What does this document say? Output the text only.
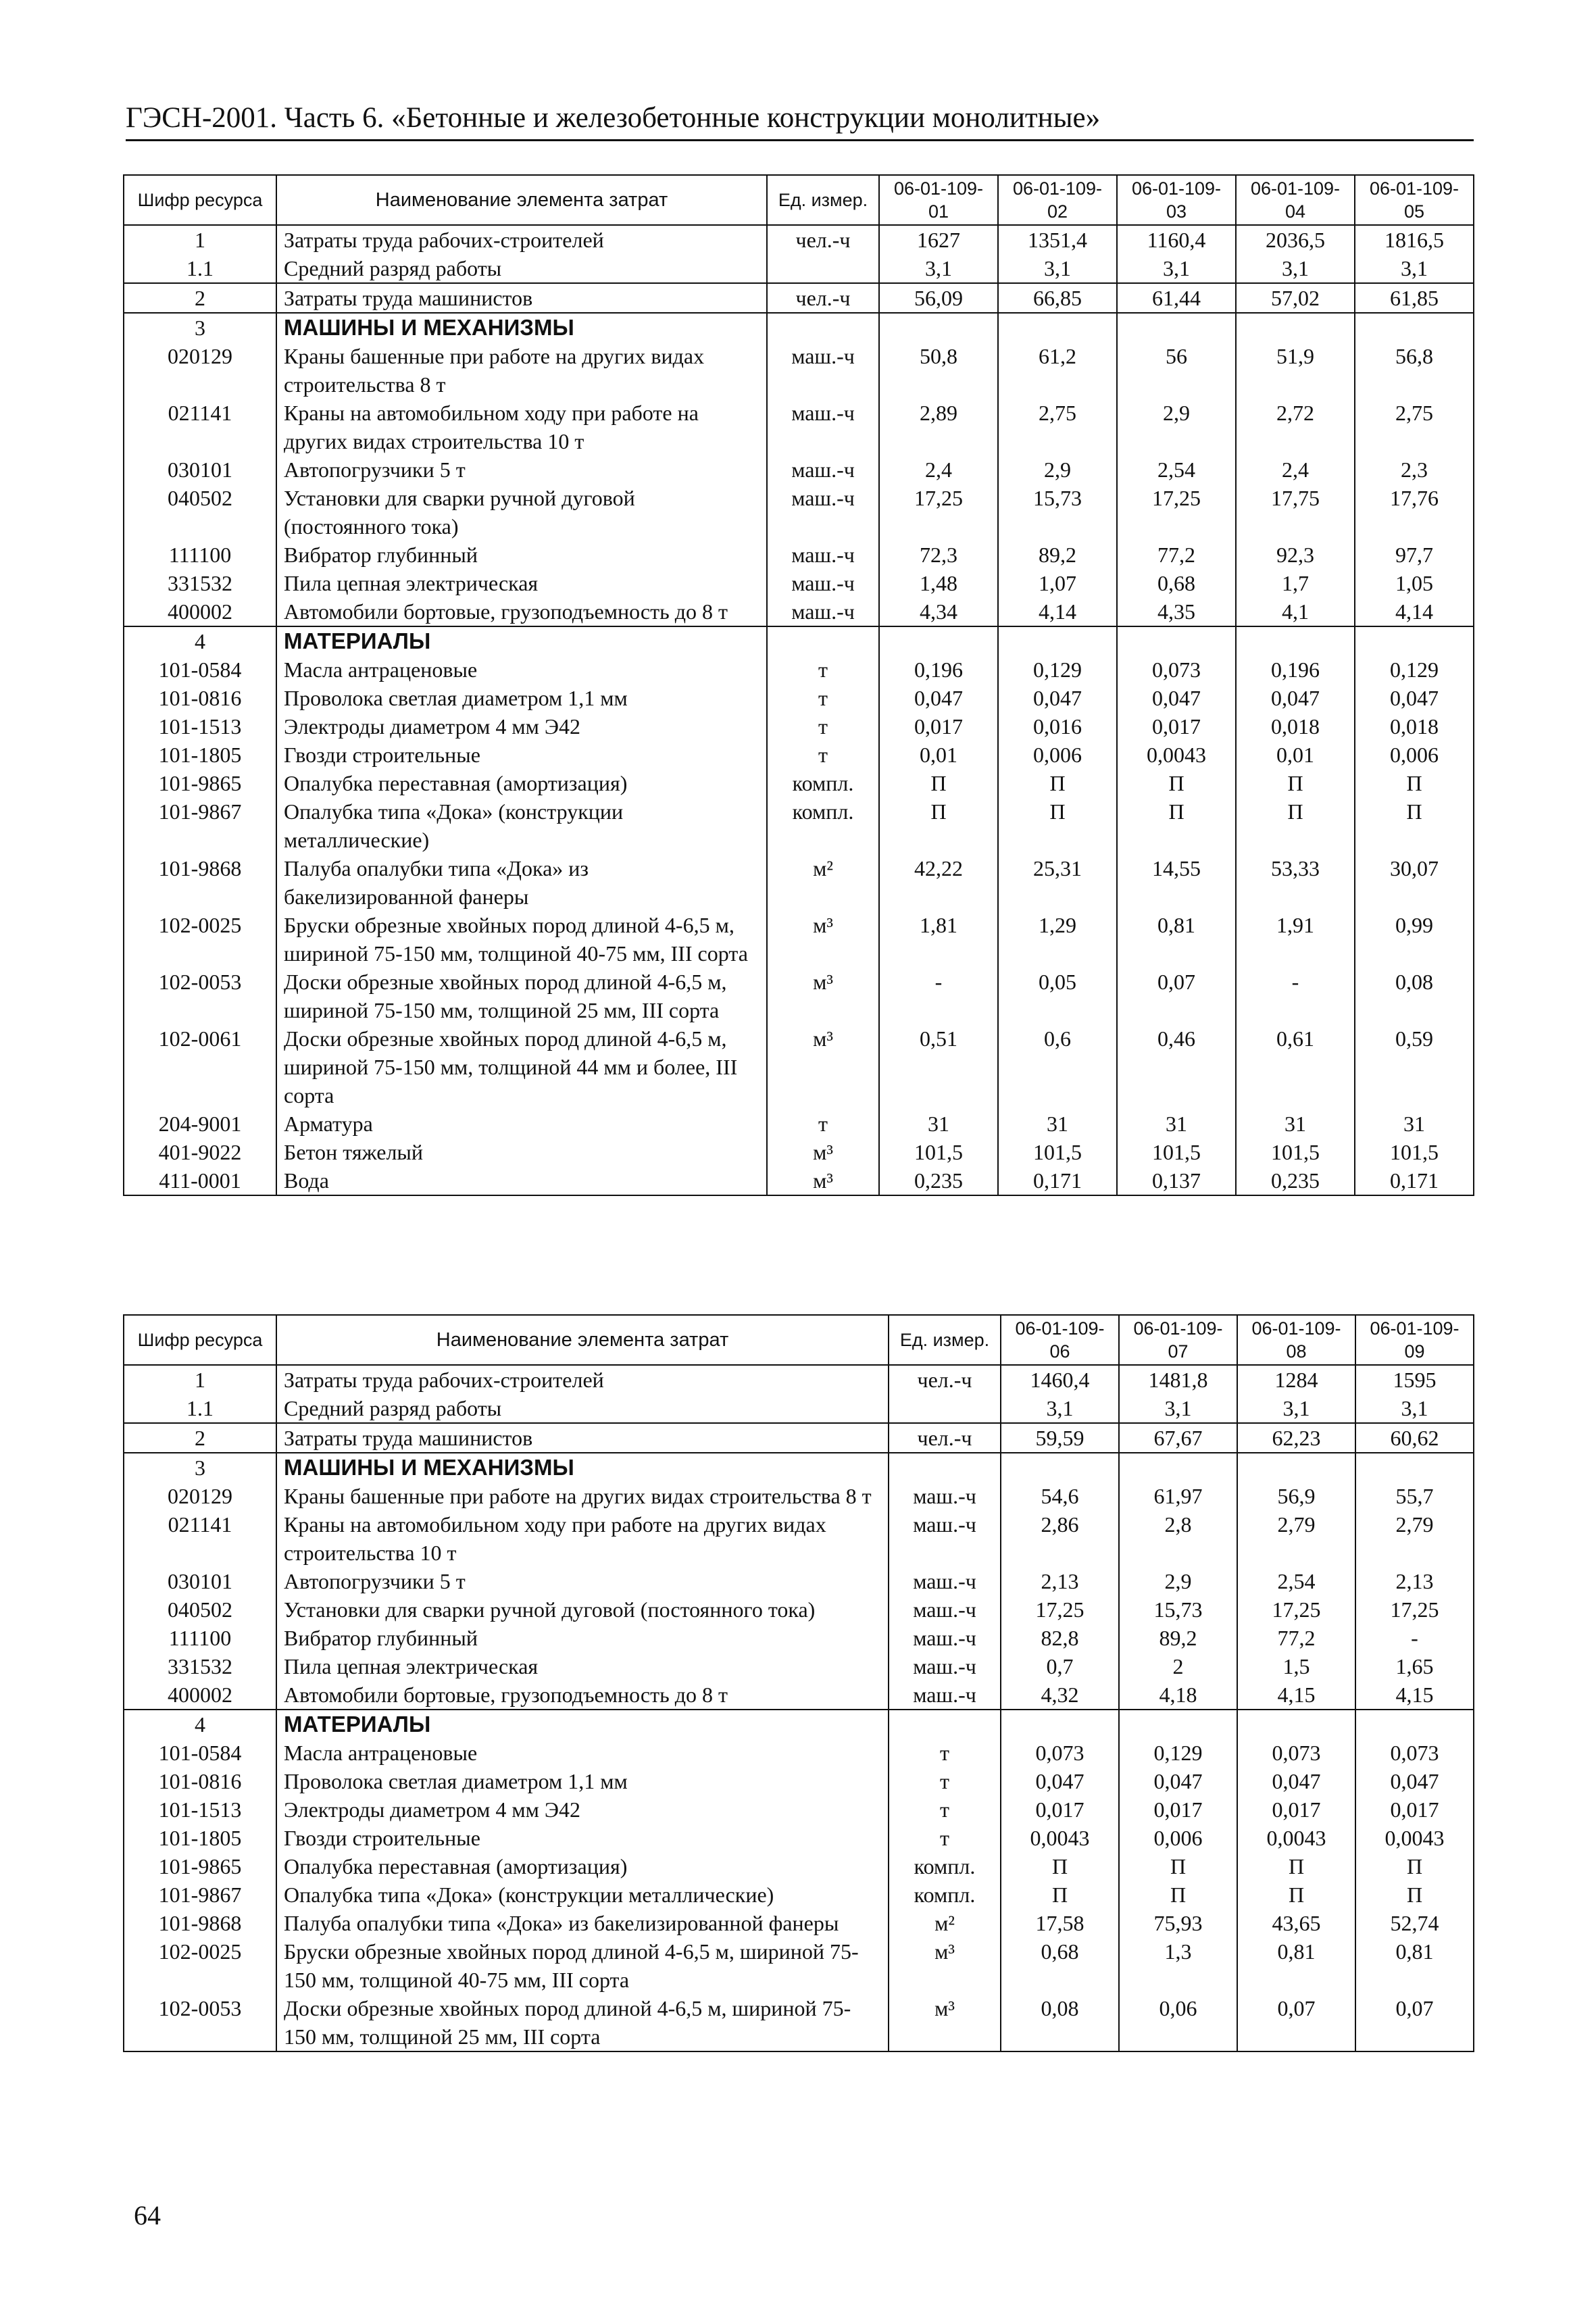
ГЭСН-2001. Часть 6. «Бетонные и железобетонные конструкции монолитные»
Шифр ресурса	Наименование элемента затрат	Ед. измер.	06-01-109-01	06-01-109-02	06-01-109-03	06-01-109-04	06-01-109-05
1	Затраты труда рабочих-строителей	чел.-ч	1627	1351,4	1160,4	2036,5	1816,5
1.1	Средний разряд работы		3,1	3,1	3,1	3,1	3,1
2	Затраты труда машинистов	чел.-ч	56,09	66,85	61,44	57,02	61,85
3	МАШИНЫ И МЕХАНИЗМЫ						
020129	Краны башенные при работе на других видах строительства 8 т	маш.-ч	50,8	61,2	56	51,9	56,8
021141	Краны на автомобильном ходу при работе на других видах строительства 10 т	маш.-ч	2,89	2,75	2,9	2,72	2,75
030101	Автопогрузчики 5 т	маш.-ч	2,4	2,9	2,54	2,4	2,3
040502	Установки для сварки ручной дуговой (постоянного тока)	маш.-ч	17,25	15,73	17,25	17,75	17,76
111100	Вибратор глубинный	маш.-ч	72,3	89,2	77,2	92,3	97,7
331532	Пила цепная электрическая	маш.-ч	1,48	1,07	0,68	1,7	1,05
400002	Автомобили бортовые, грузоподъемность до 8 т	маш.-ч	4,34	4,14	4,35	4,1	4,14
4	МАТЕРИАЛЫ						
101-0584	Масла антраценовые	т	0,196	0,129	0,073	0,196	0,129
101-0816	Проволока светлая диаметром 1,1 мм	т	0,047	0,047	0,047	0,047	0,047
101-1513	Электроды диаметром 4 мм Э42	т	0,017	0,016	0,017	0,018	0,018
101-1805	Гвозди строительные	т	0,01	0,006	0,0043	0,01	0,006
101-9865	Опалубка переставная (амортизация)	компл.	П	П	П	П	П
101-9867	Опалубка типа «Дока» (конструкции металлические)	компл.	П	П	П	П	П
101-9868	Палуба опалубки типа «Дока» из бакелизированной фанеры	м²	42,22	25,31	14,55	53,33	30,07
102-0025	Бруски обрезные хвойных пород длиной 4-6,5 м, шириной 75-150 мм, толщиной 40-75 мм, III сорта	м³	1,81	1,29	0,81	1,91	0,99
102-0053	Доски обрезные хвойных пород длиной 4-6,5 м, шириной 75-150 мм, толщиной 25 мм, III сорта	м³	-	0,05	0,07	-	0,08
102-0061	Доски обрезные хвойных пород длиной 4-6,5 м, шириной 75-150 мм, толщиной 44 мм и более, III сорта	м³	0,51	0,6	0,46	0,61	0,59
204-9001	Арматура	т	31	31	31	31	31
401-9022	Бетон тяжелый	м³	101,5	101,5	101,5	101,5	101,5
411-0001	Вода	м³	0,235	0,171	0,137	0,235	0,171
Шифр ресурса	Наименование элемента затрат	Ед. измер.	06-01-109-06	06-01-109-07	06-01-109-08	06-01-109-09
1	Затраты труда рабочих-строителей	чел.-ч	1460,4	1481,8	1284	1595
1.1	Средний разряд работы		3,1	3,1	3,1	3,1
2	Затраты труда машинистов	чел.-ч	59,59	67,67	62,23	60,62
3	МАШИНЫ И МЕХАНИЗМЫ					
020129	Краны башенные при работе на других видах строительства 8 т	маш.-ч	54,6	61,97	56,9	55,7
021141	Краны на автомобильном ходу при работе на других видах строительства 10 т	маш.-ч	2,86	2,8	2,79	2,79
030101	Автопогрузчики 5 т	маш.-ч	2,13	2,9	2,54	2,13
040502	Установки для сварки ручной дуговой (постоянного тока)	маш.-ч	17,25	15,73	17,25	17,25
111100	Вибратор глубинный	маш.-ч	82,8	89,2	77,2	-
331532	Пила цепная электрическая	маш.-ч	0,7	2	1,5	1,65
400002	Автомобили бортовые, грузоподъемность до 8 т	маш.-ч	4,32	4,18	4,15	4,15
4	МАТЕРИАЛЫ					
101-0584	Масла антраценовые	т	0,073	0,129	0,073	0,073
101-0816	Проволока светлая диаметром 1,1 мм	т	0,047	0,047	0,047	0,047
101-1513	Электроды диаметром 4 мм Э42	т	0,017	0,017	0,017	0,017
101-1805	Гвозди строительные	т	0,0043	0,006	0,0043	0,0043
101-9865	Опалубка переставная (амортизация)	компл.	П	П	П	П
101-9867	Опалубка типа «Дока» (конструкции металлические)	компл.	П	П	П	П
101-9868	Палуба опалубки типа «Дока» из бакелизированной фанеры	м²	17,58	75,93	43,65	52,74
102-0025	Бруски обрезные хвойных пород длиной 4-6,5 м, шириной 75-150 мм, толщиной 40-75 мм, III сорта	м³	0,68	1,3	0,81	0,81
102-0053	Доски обрезные хвойных пород длиной 4-6,5 м, шириной 75-150 мм, толщиной 25 мм, III сорта	м³	0,08	0,06	0,07	0,07
64
